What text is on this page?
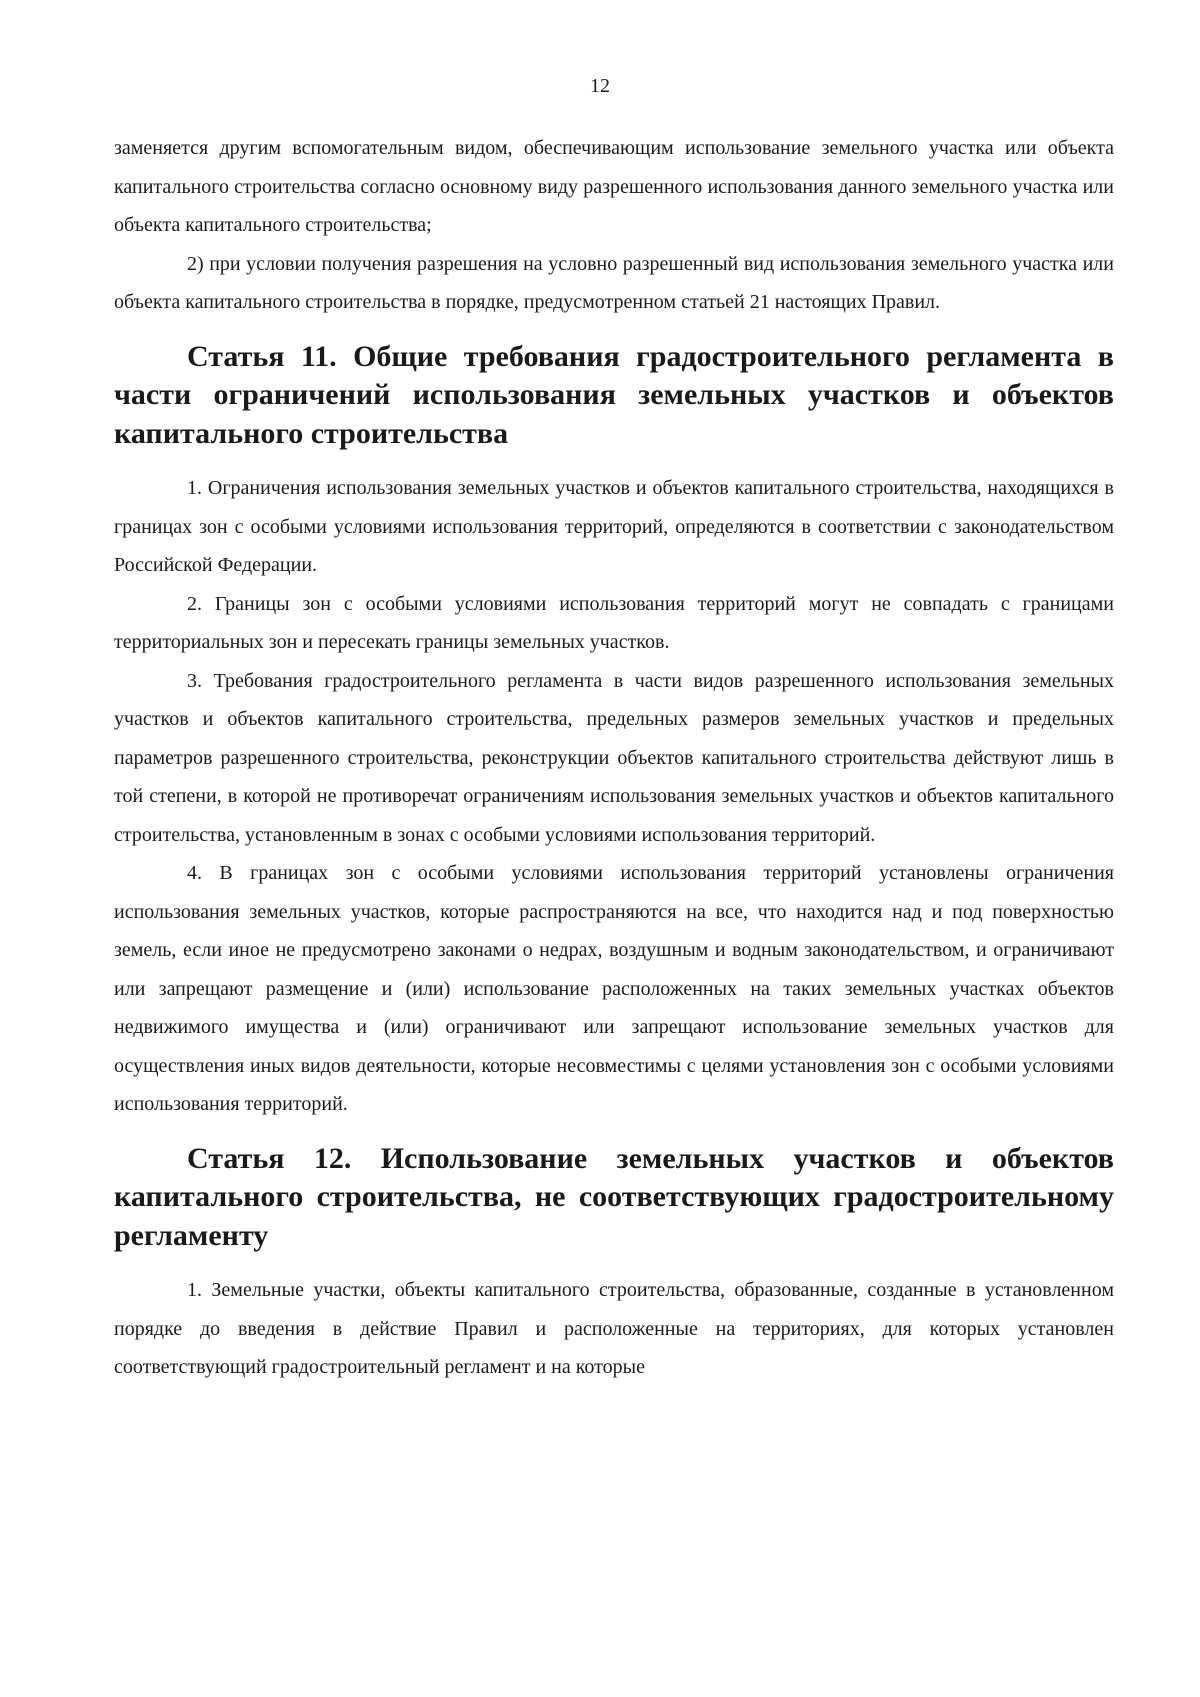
12

заменяется другим вспомогательным видом, обеспечивающим использование земельного участка или объекта капитального строительства согласно основному виду разрешенного использования данного земельного участка или объекта капитального строительства;

2) при условии получения разрешения на условно разрешенный вид использования земельного участка или объекта капитального строительства в порядке, предусмотренном статьей 21 настоящих Правил.

Статья 11. Общие требования градостроительного регламента в части ограничений использования земельных участков и объектов капитального строительства

1. Ограничения использования земельных участков и объектов капитального строительства, находящихся в границах зон с особыми условиями использования территорий, определяются в соответствии с законодательством Российской Федерации.

2. Границы зон с особыми условиями использования территорий могут не совпадать с границами территориальных зон и пересекать границы земельных участков.

3. Требования градостроительного регламента в части видов разрешенного использования земельных участков и объектов капитального строительства, предельных размеров земельных участков и предельных параметров разрешенного строительства, реконструкции объектов капитального строительства действуют лишь в той степени, в которой не противоречат ограничениям использования земельных участков и объектов капитального строительства, установленным в зонах с особыми условиями использования территорий.

4. В границах зон с особыми условиями использования территорий установлены ограничения использования земельных участков, которые распространяются на все, что находится над и под поверхностью земель, если иное не предусмотрено законами о недрах, воздушным и водным законодательством, и ограничивают или запрещают размещение и (или) использование расположенных на таких земельных участках объектов недвижимого имущества и (или) ограничивают или запрещают использование земельных участков для осуществления иных видов деятельности, которые несовместимы с целями установления зон с особыми условиями использования территорий.

Статья 12. Использование земельных участков и объектов капитального строительства, не соответствующих градостроительному регламенту

1. Земельные участки, объекты капитального строительства, образованные, созданные в установленном порядке до введения в действие Правил и расположенные на территориях, для которых установлен соответствующий градостроительный регламент и на которые
